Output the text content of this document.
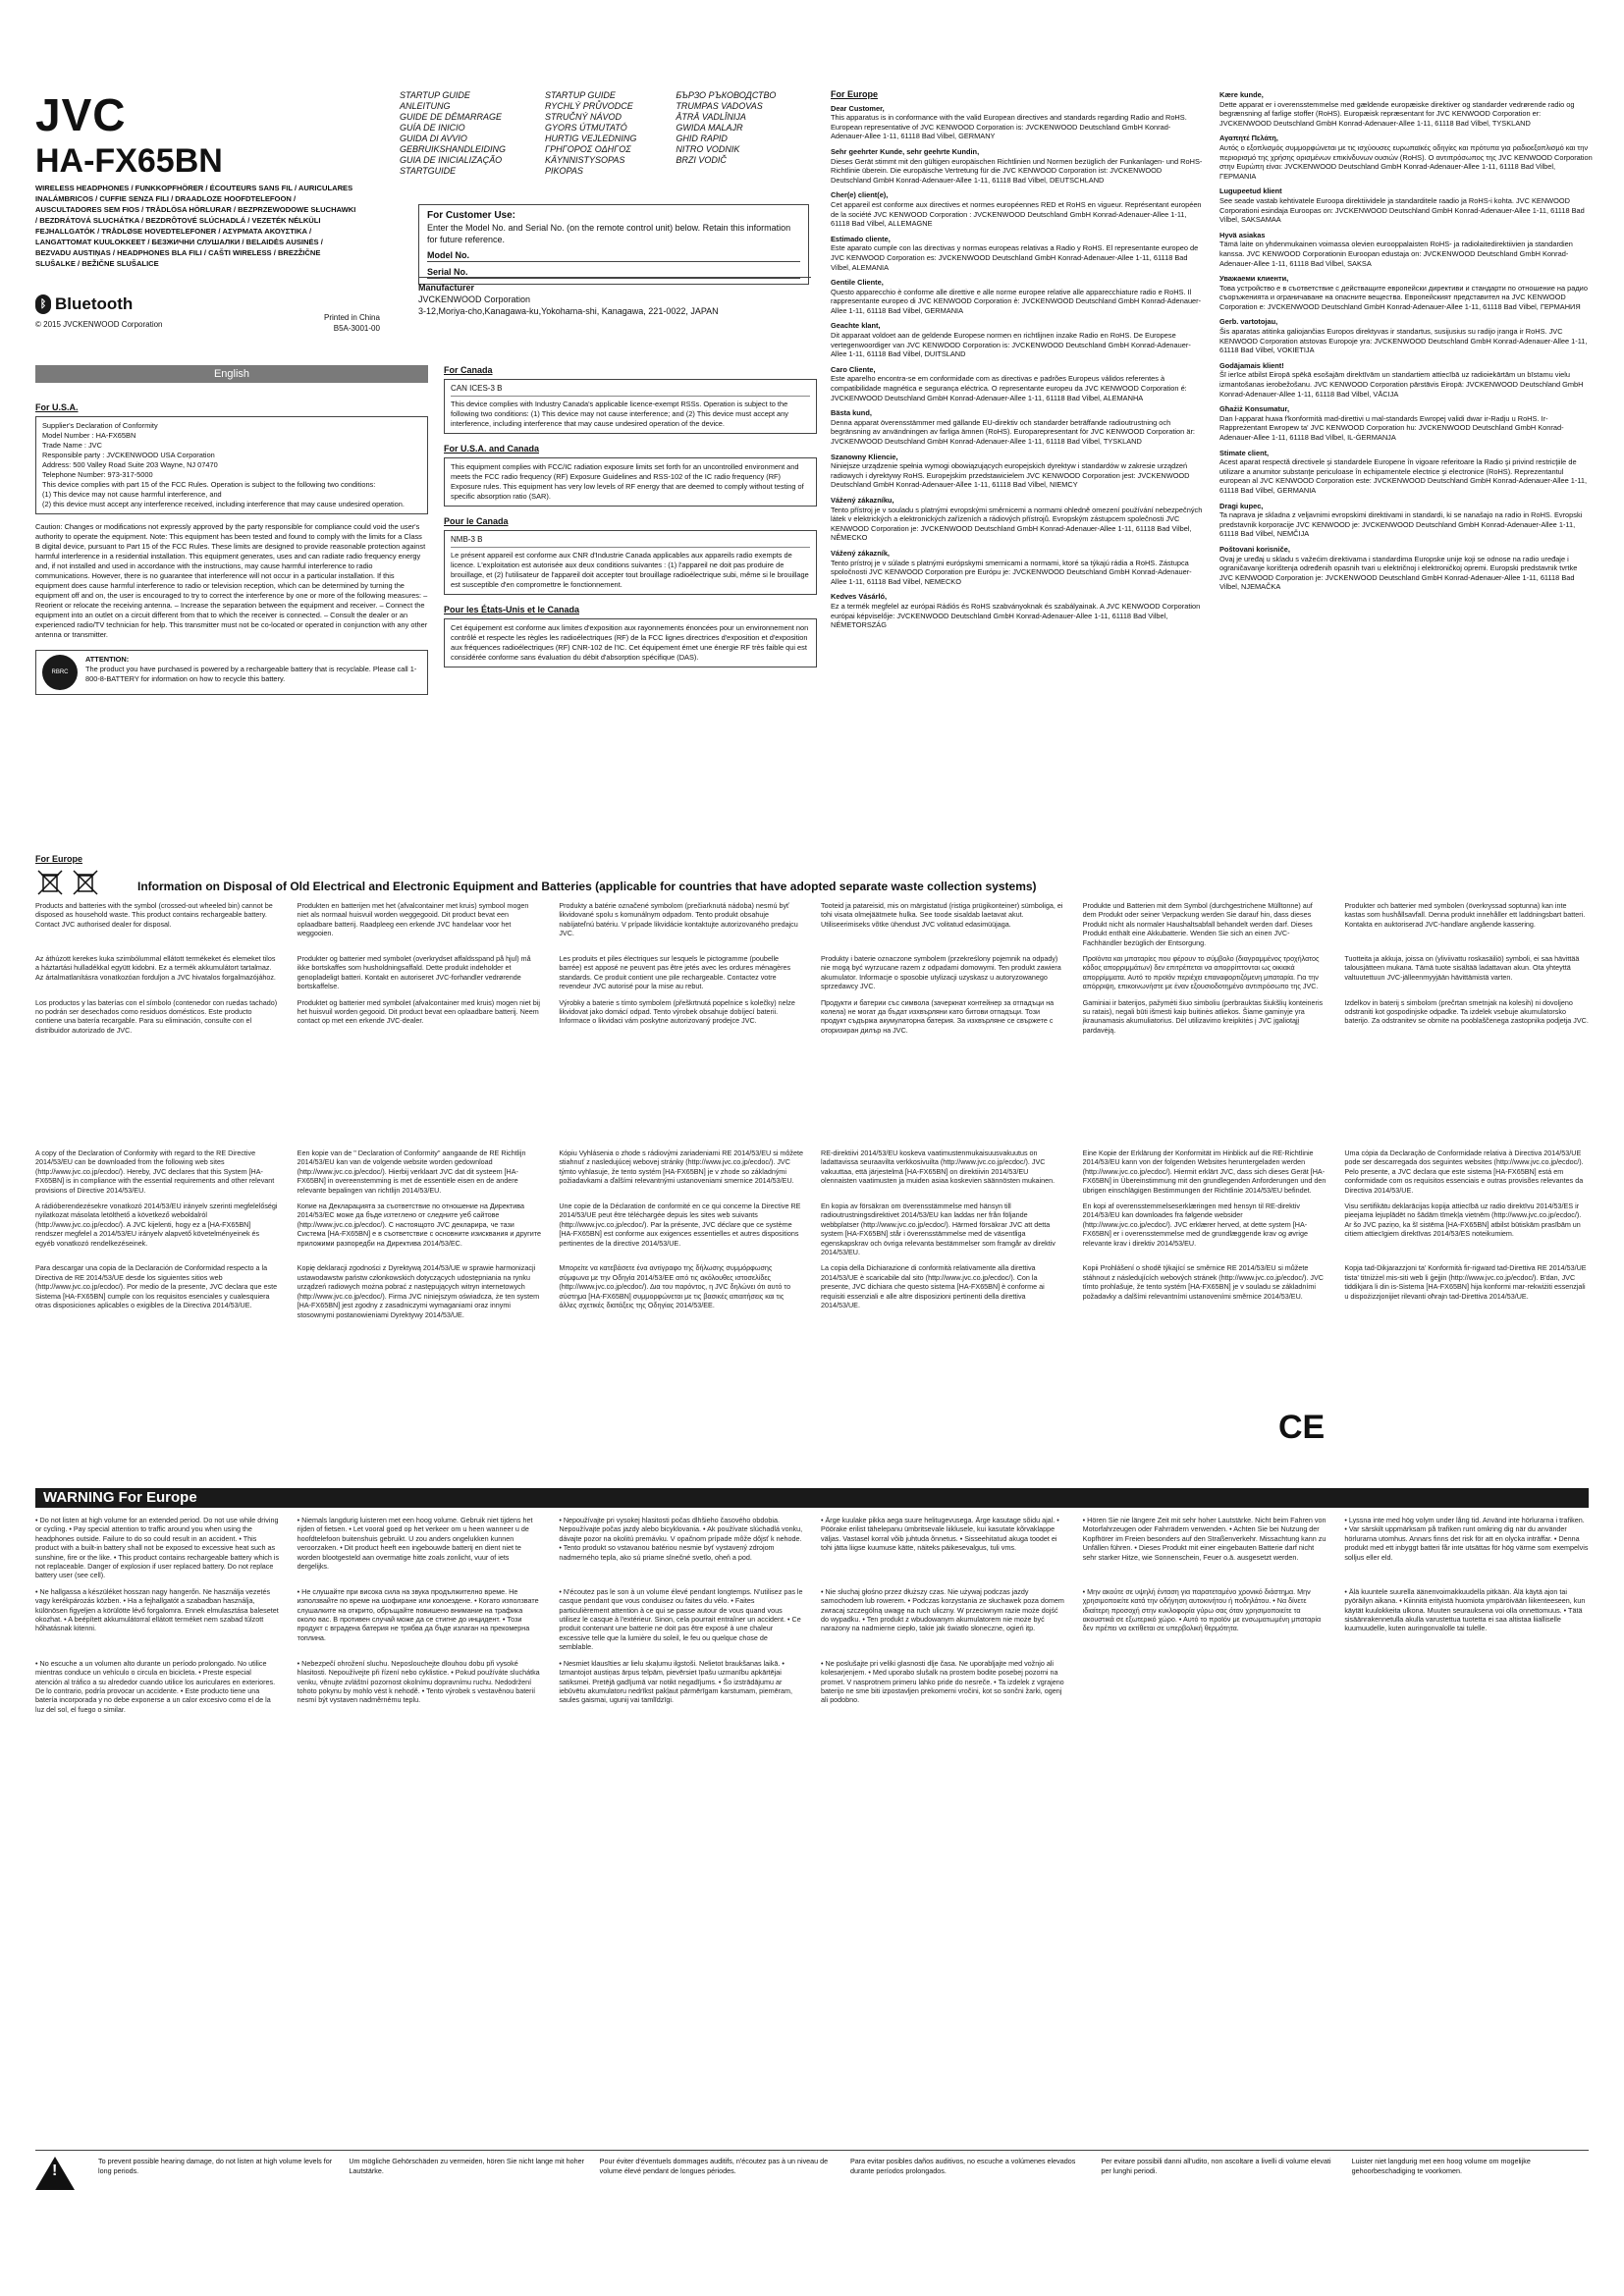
JVC
HA-FX65BN
WIRELESS HEADPHONES / FUNKKOPFHÖRER / ÉCOUTEURS SANS FIL / AURICULARES INALÁMBRICOS / CUFFIE SENZA FILI / DRAADLOZE HOOFDTELEFOON / AUSCULTADORES SEM FIOS / TRÅDLÖSA HÖRLURAR / BEZPRZEWODOWE SŁUCHAWKI / BEZDRÁTOVÁ SLUCHÁTKA / BEZDRÔTOVÉ SLÚCHADLÁ / VEZETÉK NÉLKÜLI FEJHALLGATÓK / TRÅDLØSE HOVEDTELEFONER / ΑΣΥΡΜΑΤΑ ΑΚΟΥΣΤΙΚΑ / LANGATTOMAT KUULOKKEET / БЕЗЖИЧНИ СЛУШАЛКИ / BELAIDĖS AUSINĖS / BEZVADU AUSTIŅAS / HEADPHONES BLA FILI / CAŠTI WIRELESS / BREZŽIČNE SLUŠALKE / BEŽIČNE SLUŠALICE
ᛒ Bluetooth
© 2015 JVCKENWOOD Corporation
Printed in China
B5A-3001-00
STARTUP GUIDE
ANLEITUNG
GUIDE DE DÉMARRAGE
GUÍA DE INICIO
GUIDA DI AVVIO
GEBRUIKSHANDLEIDING
GUIA DE INICIALIZAÇÃO
STARTGUIDE
STARTUP GUIDE
RYCHLÝ PRŮVODCE
STRUČNÝ NÁVOD
GYORS ÚTMUTATÓ
HURTIG VEJLEDNING
ΓΡΗΓΟΡΟΣ ΟΔΗΓΟΣ
KÄYNNISTYSOPAS
PIKOPAS
БЪРЗО РЪКОВОДСТВО
TRUMPAS VADOVAS
ĀTRĀ VADLĪNIJA
GWIDA MALAJR
GHID RAPID
NITRO VODNIK
BRZI VODIČ
For Customer Use:
Enter the Model No. and Serial No. (on the remote control unit) below. Retain this information for future reference.
Model No.
Serial No.
Manufacturer
JVCKENWOOD Corporation
3-12,Moriya-cho,Kanagawa-ku,Yokohama-shi, Kanagawa, 221-0022, JAPAN
English
For U.S.A.
Supplier's Declaration of Conformity
Model Number : HA-FX65BN
Trade Name : JVC
Responsible party : JVCKENWOOD USA Corporation
Address: 500 Valley Road Suite 203 Wayne, NJ 07470
Telephone Number: 973-317-5000
This device complies with part 15 of the FCC Rules. Operation is subject to the following two conditions:
(1) This device may not cause harmful interference, and
(2) this device must accept any interference received, including interference that may cause undesired operation.
Caution: Changes or modifications not expressly approved by the party responsible for compliance could void the user's authority to operate the equipment. Note: This equipment has been tested and found to comply with the limits for a Class B digital device, pursuant to Part 15 of the FCC Rules. These limits are designed to provide reasonable protection against harmful interference in a residential installation. This equipment generates, uses and can radiate radio frequency energy and, if not installed and used in accordance with the instructions, may cause harmful interference to radio communications. However, there is no guarantee that interference will not occur in a particular installation. If this equipment does cause harmful interference to radio or television reception, which can be determined by turning the equipment off and on, the user is encouraged to try to correct the interference by one or more of the following measures: – Reorient or relocate the receiving antenna. – Increase the separation between the equipment and receiver. – Connect the equipment into an outlet on a circuit different from that to which the receiver is connected. – Consult the dealer or an experienced radio/TV technician for help. This transmitter must not be co-located or operated in conjunction with any other antenna or transmitter.
RBRC
ATTENTION:
The product you have purchased is powered by a rechargeable battery that is recyclable. Please call 1-800-8-BATTERY for information on how to recycle this battery.
For Canada
CAN ICES-3 B
This device complies with Industry Canada's applicable licence-exempt RSSs. Operation is subject to the following two conditions: (1) This device may not cause interference; and (2) This device must accept any interference, including interference that may cause undesired operation of the device.
For U.S.A. and Canada
This equipment complies with FCC/IC radiation exposure limits set forth for an uncontrolled environment and meets the FCC radio frequency (RF) Exposure Guidelines and RSS-102 of the IC radio frequency (RF) Exposure rules. This equipment has very low levels of RF energy that are deemed to comply without testing of specific absorption ratio (SAR).
Pour le Canada
NMB-3 B
Le présent appareil est conforme aux CNR d'Industrie Canada applicables aux appareils radio exempts de licence. L'exploitation est autorisée aux deux conditions suivantes : (1) l'appareil ne doit pas produire de brouillage, et (2) l'utilisateur de l'appareil doit accepter tout brouillage radioélectrique subi, même si le brouillage est susceptible d'en compromettre le fonctionnement.
Pour les États-Unis et le Canada
Cet équipement est conforme aux limites d'exposition aux rayonnements énoncées pour un environnement non contrôlé et respecte les règles les radioélectriques (RF) de la FCC lignes directrices d'exposition et d'exposition aux fréquences radioélectriques (RF) CNR-102 de l'IC. Cet équipement émet une énergie RF très faible qui est considérée conforme sans évaluation du débit d'absorption spécifique (DAS).
For Europe
Dear Customer,
This apparatus is in conformance with the valid European directives and standards regarding Radio and RoHS. European representative of JVC KENWOOD Corporation is: JVCKENWOOD Deutschland GmbH Konrad-Adenauer-Allee 1-11, 61118 Bad Vilbel, GERMANY
Sehr geehrter Kunde, sehr geehrte Kundin,
Dieses Gerät stimmt mit den gültigen europäischen Richtlinien und Normen bezüglich der Funkanlagen- und RoHS-Richtlinie überein. Die europäische Vertretung für die JVC KENWOOD Corporation ist: JVCKENWOOD Deutschland GmbH Konrad-Adenauer-Allee 1-11, 61118 Bad Vilbel, DEUTSCHLAND
Cher(e) client(e),
Cet appareil est conforme aux directives et normes européennes RED et RoHS en vigueur. Représentant européen de la société JVC KENWOOD Corporation : JVCKENWOOD Deutschland GmbH Konrad-Adenauer-Allee 1-11, 61118 Bad Vilbel, ALLEMAGNE
Estimado cliente,
Este aparato cumple con las directivas y normas europeas relativas a Radio y RoHS. El representante europeo de JVC KENWOOD Corporation es: JVCKENWOOD Deutschland GmbH Konrad-Adenauer-Allee 1-11, 61118 Bad Vilbel, ALEMANIA
Gentile Cliente,
Questo apparecchio è conforme alle direttive e alle norme europee relative alle apparecchiature radio e RoHS. Il rappresentante europeo di JVC KENWOOD Corporation è: JVCKENWOOD Deutschland GmbH Konrad-Adenauer-Allee 1-11, 61118 Bad Vilbel, GERMANIA
Geachte klant,
Dit apparaat voldoet aan de geldende Europese normen en richtlijnen inzake Radio en RoHS. De Europese vertegenwoordiger van JVC KENWOOD Corporation is: JVCKENWOOD Deutschland GmbH Konrad-Adenauer-Allee 1-11, 61118 Bad Vilbel, DUITSLAND
Caro Cliente,
Este aparelho encontra-se em conformidade com as directivas e padrões Europeus válidos referentes à compatibilidade magnética e segurança eléctrica. O representante europeu da JVC KENWOOD Corporation é: JVCKENWOOD Deutschland GmbH Konrad-Adenauer-Allee 1-11, 61118 Bad Vilbel, ALEMANHA
Bästa kund,
Denna apparat överensstämmer med gällande EU-direktiv och standarder beträffande radioutrustning och begränsning av användningen av farliga ämnen (RoHS). Europarepresentant för JVC KENWOOD Corporation är: JVCKENWOOD Deutschland GmbH Konrad-Adenauer-Allee 1-11, 61118 Bad Vilbel, TYSKLAND
Szanowny Kliencie,
Niniejsze urządzenie spełnia wymogi obowiązujących europejskich dyrektyw i standardów w zakresie urządzeń radiowych i dyrektywy RoHS. Europejskim przedstawicielem JVC KENWOOD Corporation jest: JVCKENWOOD Deutschland GmbH Konrad-Adenauer-Allee 1-11, 61118 Bad Vilbel, NIEMCY
Vážený zákazníku,
Tento přístroj je v souladu s platnými evropskými směrnicemi a normami ohledně omezení používání nebezpečných látek v elektrických a elektronických zařízeních a rádiových přístrojů. Evropským zástupcem společnosti JVC KENWOOD Corporation je: JVCKENWOOD Deutschland GmbH Konrad-Adenauer-Allee 1-11, 61118 Bad Vilbel, NĚMECKO
Vážený zákazník,
Tento prístroj je v súlade s platnými európskymi smernicami a normami, ktoré sa týkajú rádia a RoHS. Zástupca spoločnosti JVC KENWOOD Corporation pre Európu je: JVCKENWOOD Deutschland GmbH Konrad-Adenauer-Allee 1-11, 61118 Bad Vilbel, NEMECKO
Kedves Vásárló,
Ez a termék megfelel az európai Rádiós és RoHS szabványoknak és szabályainak. A JVC KENWOOD Corporation európai képviselője: JVCKENWOOD Deutschland GmbH Konrad-Adenauer-Allee 1-11, 61118 Bad Vilbel, NÉMETORSZÁG
Kære kunde,
Dette apparat er i overensstemmelse med gældende europæiske direktiver og standarder vedrørende radio og begrænsning af farlige stoffer (RoHS). Europæisk repræsentant for JVC KENWOOD Corporation er: JVCKENWOOD Deutschland GmbH Konrad-Adenauer-Allee 1-11, 61118 Bad Vilbel, TYSKLAND
Αγαπητέ Πελάτη,
Αυτός ο εξοπλισμός συμμορφώνεται με τις ισχύουσες ευρωπαϊκές οδηγίες και πρότυπα για ραδιοεξοπλισμό και την περιορισμό της χρήσης ορισμένων επικίνδυνων ουσιών (RoHS). Ο αντιπρόσωπος της JVC KENWOOD Corporation στην Ευρώπη είναι: JVCKENWOOD Deutschland GmbH Konrad-Adenauer-Allee 1-11, 61118 Bad Vilbel, ΓΕΡΜΑΝΙΑ
Lugupeetud klient
See seade vastab kehtivatele Euroopa direktiividele ja standarditele raadio ja RoHS-i kohta. JVC KENWOOD Corporationi esindaja Euroopas on: JVCKENWOOD Deutschland GmbH Konrad-Adenauer-Allee 1-11, 61118 Bad Vilbel, SAKSAMAA
Hyvä asiakas
Tämä laite on yhdenmukainen voimassa olevien eurooppalaisten RoHS- ja radiolaitedirektiivien ja standardien kanssa. JVC KENWOOD Corporationin Euroopan edustaja on: JVCKENWOOD Deutschland GmbH Konrad-Adenauer-Allee 1-11, 61118 Bad Vilbel, SAKSA
Уважаеми клиенти,
Това устройство е в съответствие с действащите европейски директиви и стандарти по отношение на радио съоръженията и ограничаване на опасните вещества. Европейският представител на JVC KENWOOD Corporation е: JVCKENWOOD Deutschland GmbH Konrad-Adenauer-Allee 1-11, 61118 Bad Vilbel, ГЕРМАНИЯ
Gerb. vartotojau,
Šis aparatas atitinka galiojančias Europos direktyvas ir standartus, susijusius su radijo įranga ir RoHS. JVC KENWOOD Corporation atstovas Europoje yra: JVCKENWOOD Deutschland GmbH Konrad-Adenauer-Allee 1-11, 61118 Bad Vilbel, VOKIETIJA
Godājamais klient!
Šī ierīce atbilst Eiropā spēkā esošajām direktīvām un standartiem attiecībā uz radioiekārtām un bīstamu vielu izmantošanas ierobežošanu. JVC KENWOOD Corporation pārstāvis Eiropā: JVCKENWOOD Deutschland GmbH Konrad-Adenauer-Allee 1-11, 61118 Bad Vilbel, VĀCIJA
Għażiż Konsumatur,
Dan l-apparat huwa f'konformità mad-direttivi u mal-standards Ewropej validi dwar ir-Radju u RoHS. Ir-Rappreżentant Ewropew ta' JVC KENWOOD Corporation hu: JVCKENWOOD Deutschland GmbH Konrad-Adenauer-Allee 1-11, 61118 Bad Vilbel, IL-ĠERMANJA
Stimate client,
Acest aparat respectă directivele şi standardele Europene în vigoare referitoare la Radio şi privind restricţiile de utilizare a anumitor substanţe periculoase în echipamentele electrice şi electronice (RoHS). Reprezentantul european al JVC KENWOOD Corporation este: JVCKENWOOD Deutschland GmbH Konrad-Adenauer-Allee 1-11, 61118 Bad Vilbel, GERMANIA
Dragi kupec,
Ta naprava je skladna z veljavnimi evropskimi direktivami in standardi, ki se nanašajo na radio in RoHS. Evropski predstavnik korporacije JVC KENWOOD je: JVCKENWOOD Deutschland GmbH Konrad-Adenauer-Allee 1-11, 61118 Bad Vilbel, NEMČIJA
Poštovani korisniče,
Ovaj je uređaj u skladu s važećim direktivama i standardima Europske unije koji se odnose na radio uređaje i ograničavanje korištenja određenih opasnih tvari u električnoj i elektroničkoj opremi. Europski predstavnik tvrtke JVC KENWOOD Corporation je: JVCKENWOOD Deutschland GmbH Konrad-Adenauer-Allee 1-11, 61118 Bad Vilbel, NJEMAČKA
For Europe
Information on Disposal of Old Electrical and Electronic Equipment and Batteries (applicable for countries that have adopted separate waste collection systems)

Products and batteries with the symbol (crossed-out wheeled bin) cannot be disposed as household waste. This product contains rechargeable battery. Contact JVC authorised dealer for disposal.

Produkten en batterijen met het (afvalcontainer met kruis) symbool mogen niet als normaal huisvuil worden weggegooid. Dit product bevat een oplaadbare batterij. Raadpleeg een erkende JVC handelaar voor het weggooien.

Produkty a batérie označené symbolom (prečiarknutá nádoba) nesmú byť likvidované spolu s komunálnym odpadom. Tento produkt obsahuje nabíjateľnú batériu. V prípade likvidácie kontaktujte autorizovaného predajcu JVC.

Tooteid ja patareisid, mis on märgistatud (ristiga prügikonteiner) sümboliga, ei tohi visata olmejäätmete hulka. See toode sisaldab laetavat akut. Utiliseerimiseks võtke ühendust JVC volitatud edasimüüjaga.

Produkte und Batterien mit dem Symbol (durchgestrichene Mülltonne) auf dem Produkt oder seiner Verpackung werden Sie darauf hin, dass dieses Produkt nicht als normaler Haushaltsabfall behandelt werden darf. Dieses Produkt enthält eine Akkubatterie. Wenden Sie sich an einen JVC-Fachhändler bezüglich der Entsorgung.

Produkter och batterier med symbolen (överkryssad soptunna) kan inte kastas som hushållsavfall. Denna produkt innehåller ett laddningsbart batteri. Kontakta en auktoriserad JVC-handlare angående kassering.

Az áthúzott kerekes kuka szimbólummal ellátott termékeket és elemeket tilos a háztartási hulladékkal együtt kidobni. Ez a termék akkumulátort tartalmaz. Az ártalmatlanításra vonatkozóan forduljon a JVC hivatalos forgalmazójához.

Produkter og batterier med symbolet (overkrydset affaldsspand på hjul) må ikke bortskaffes som husholdningsaffald. Dette produkt indeholder et genopladeligt batteri. Kontakt en autoriseret JVC-forhandler vedrørende bortskaffelse.

Les produits et piles électriques sur lesquels le pictogramme (poubelle barrée) est apposé ne peuvent pas être jetés avec les ordures ménagères standards. Ce produit contient une pile rechargeable. Contactez votre revendeur JVC autorisé pour la mise au rebut.

Produkty i baterie oznaczone symbolem (przekreślony pojemnik na odpady) nie mogą być wyrzucane razem z odpadami domowymi. Ten produkt zawiera akumulator. Informacje o sposobie utylizacji uzyskasz u autoryzowanego sprzedawcy JVC.

Προϊόντα και μπαταρίες που φέρουν το σύμβολο (διαγραμμένος τροχήλατος κάδος απορριμμάτων) δεν επιτρέπεται να απορρίπτονται ως οικιακά απορρίμματα. Αυτό το προϊόν περιέχει επαναφορτιζόμενη μπαταρία. Για την απόρριψη, επικοινωνήστε με έναν εξουσιοδοτημένο αντιπρόσωπο της JVC.

Tuotteita ja akkuja, joissa on (yliviivattu roskasäiliö) symboli, ei saa hävittää talousjätteen mukana. Tämä tuote sisältää ladattavan akun. Ota yhteyttä valtuutettuun JVC-jälleenmyyjään hävittämistä varten.

Los productos y las baterías con el símbolo (contenedor con ruedas tachado) no podrán ser desechados como residuos domésticos. Este producto contiene una batería recargable. Para su eliminación, consulte con el distribuidor autorizado de JVC.

Produktet og batterier med symbolet (afvalcontainer med kruis) mogen niet bij het huisvuil worden gegooid. Dit product bevat een oplaadbare batterij. Neem contact op met een erkende JVC-dealer.

Výrobky a baterie s tímto symbolem (přeškrtnutá popelnice s kolečky) nelze likvidovat jako domácí odpad. Tento výrobek obsahuje dobíjecí baterii. Informace o likvidaci vám poskytne autorizovaný prodejce JVC.

Продукти и батерии със символа (зачеркнат контейнер за отпадъци на колела) не могат да бъдат изхвърляни като битови отпадъци. Този продукт съдържа акумулаторна батерия. За изхвърляне се свържете с оторизиран дилър на JVC.

Gaminiai ir baterijos, pažymėti šiuo simboliu (perbrauktas šiukšlių konteineris su ratais), negali būti išmesti kaip buitinės atliekos. Šiame gaminyje yra įkraunamasis akumuliatorius. Dėl utilizavimo kreipkitės į JVC įgaliotąjį pardavėją.

Izdelkov in baterij s simbolom (prečrtan smetnjak na kolesih) ni dovoljeno odstraniti kot gospodinjske odpadke. Ta izdelek vsebuje akumulatorsko baterijo. Za odstranitev se obrnite na pooblaščenega zastopnika podjetja JVC.

A copy of the Declaration of Conformity with regard to the RE Directive 2014/53/EU can be downloaded from the following web sites (http://www.jvc.co.jp/ecdoc/). Hereby, JVC declares that this System [HA-FX65BN] is in compliance with the essential requirements and other relevant provisions of Directive 2014/53/EU.

Een kopie van de " Declaration of Conformity" aangaande de RE Richtlijn 2014/53/EU kan van de volgende website worden gedownload (http://www.jvc.co.jp/ecdoc/). Hierbij verklaart JVC dat dit systeem [HA-FX65BN] in overeenstemming is met de essentiële eisen en de andere relevante bepalingen van richtlijn 2014/53/EU.

Kópiu Vyhlásenia o zhode s rádiovými zariadeniami RE 2014/53/EU si môžete stiahnuť z nasledujúcej webovej stránky (http://www.jvc.co.jp/ecdoc/). JVC týmto vyhlasuje, že tento systém [HA-FX65BN] je v zhode so základnými požiadavkami a ďalšími relevantnými ustanoveniami smernice 2014/53/EU.

RE-direktiivi 2014/53/EU koskeva vaatimustenmukaisuusvakuutus on ladattavissa seuraavilta verkkosivuilta (http://www.jvc.co.jp/ecdoc/). JVC vakuuttaa, että järjestelmä [HA-FX65BN] on direktiivin 2014/53/EU olennaisten vaatimusten ja muiden asiaa koskevien säännösten mukainen.

Eine Kopie der Erklärung der Konformität im Hinblick auf die RE-Richtlinie 2014/53/EU kann von der folgenden Websites heruntergeladen werden (http://www.jvc.co.jp/ecdoc/). Hiermit erklärt JVC, dass sich dieses Gerät [HA-FX65BN] in Übereinstimmung mit den grundlegenden Anforderungen und den übrigen einschlägigen Bestimmungen der Richtlinie 2014/53/EU befindet.

Uma cópia da Declaração de Conformidade relativa à Directiva 2014/53/UE pode ser descarregada dos seguintes websites (http://www.jvc.co.jp/ecdoc/). Pelo presente, a JVC declara que este sistema [HA-FX65BN] está em conformidade com os requisitos essenciais e outras provisões relevantes da Directiva 2014/53/UE.

A rádióberendezésekre vonatkozó 2014/53/EU irányelv szerinti megfelelőségi nyilatkozat másolata letölthető a következő weboldalról (http://www.jvc.co.jp/ecdoc/). A JVC kijelenti, hogy ez a [HA-FX65BN] rendszer megfelel a 2014/53/EU irányelv alapvető követelményeinek és egyéb vonatkozó rendelkezéseinek.

Копие на Декларацията за съответствие по отношение на Директива 2014/53/ЕС може да бъде изтеглено от следните уеб сайтове (http://www.jvc.co.jp/ecdoc/). С настоящото JVC декларира, че тази Система [HA-FX65BN] е в съответствие с основните изисквания и другите приложими разпоредби на Директива 2014/53/ЕС.

Une copie de la Déclaration de conformité en ce qui concerne la Directive RE 2014/53/UE peut être téléchargée depuis les sites web suivants (http://www.jvc.co.jp/ecdoc/). Par la présente, JVC déclare que ce système [HA-FX65BN] est conforme aux exigences essentielles et autres dispositions pertinentes de la directive 2014/53/UE.

En kopia av försäkran om överensstämmelse med hänsyn till radioutrustningsdirektivet 2014/53/EU kan laddas ner från följande webbplatser (http://www.jvc.co.jp/ecdoc/). Härmed försäkrar JVC att detta system [HA-FX65BN] står i överensstämmelse med de väsentliga egenskapskrav och övriga relevanta bestämmelser som framgår av direktiv 2014/53/EU.

En kopi af overensstemmelseserklæringen med hensyn til RE-direktiv 2014/53/EU kan downloades fra følgende websider (http://www.jvc.co.jp/ecdoc/). JVC erklærer herved, at dette system [HA-FX65BN] er i overensstemmelse med de grundlæggende krav og øvrige relevante krav i direktiv 2014/53/EU.

Visu sertifikātu deklarācijas kopija attiecībā uz radio direktīvu 2014/53/ES ir pieejama lejuplādēt no šādām tīmekļa vietnēm (http://www.jvc.co.jp/ecdoc/). Ar šo JVC paziņo, ka šī sistēma [HA-FX65BN] atbilst būtiskām prasībām un citiem attiecīgiem direktīvas 2014/53/ES noteikumiem.

Para descargar una copia de la Declaración de Conformidad respecto a la Directiva de RE 2014/53/UE desde los siguientes sitios web (http://www.jvc.co.jp/ecdoc/). Por medio de la presente, JVC declara que este Sistema [HA-FX65BN] cumple con los requisitos esenciales y cualesquiera otras disposiciones aplicables o exigibles de la Directiva 2014/53/UE.

Kopię deklaracji zgodności z Dyrektywą 2014/53/UE w sprawie harmonizacji ustawodawstw państw członkowskich dotyczących udostępniania na rynku urządzeń radiowych można pobrać z następujących witryn internetowych (http://www.jvc.co.jp/ecdoc/). Firma JVC niniejszym oświadcza, że ten system [HA-FX65BN] jest zgodny z zasadniczymi wymaganiami oraz innymi stosownymi postanowieniami Dyrektywy 2014/53/UE.

Μπορείτε να κατεβάσετε ένα αντίγραφο της δήλωσης συμμόρφωσης σύμφωνα με την Οδηγία 2014/53/ΕΕ από τις ακόλουθες ιστοσελίδες (http://www.jvc.co.jp/ecdoc/). Δια του παρόντος, η JVC δηλώνει ότι αυτό το σύστημα [HA-FX65BN] συμμορφώνεται με τις βασικές απαιτήσεις και τις άλλες σχετικές διατάξεις της Οδηγίας 2014/53/ΕΕ.

La copia della Dichiarazione di conformità relativamente alla direttiva 2014/53/UE è scaricabile dal sito (http://www.jvc.co.jp/ecdoc/). Con la presente, JVC dichiara che questo sistema [HA-FX65BN] è conforme ai requisiti essenziali e alle altre disposizioni pertinenti della direttiva 2014/53/UE.

Kopii Prohlášení o shodě týkající se směrnice RE 2014/53/EU si můžete stáhnout z následujících webových stránek (http://www.jvc.co.jp/ecdoc/). JVC tímto prohlašuje, že tento systém [HA-FX65BN] je v souladu se základními požadavky a dalšími relevantními ustanoveními směrnice 2014/53/EU.

Kopja tad-Dikjarazzjoni ta' Konformità fir-rigward tad-Direttiva RE 2014/53/UE tista' titniżżel mis-siti web li ġejjin (http://www.jvc.co.jp/ecdoc/). B'dan, JVC tiddikjara li din is-Sistema [HA-FX65BN] hija konformi mar-rekwiżiti essenzjali u dispożizzjonijiet rilevanti oħrajn tad-Direttiva 2014/53/UE.

CE
WARNING For Europe

• Do not listen at high volume for an extended period. Do not use while driving or cycling. • Pay special attention to traffic around you when using the headphones outside. Failure to do so could result in an accident. • This product with a built-in battery shall not be exposed to excessive heat such as sunshine, fire or the like. • This product contains rechargeable battery which is not replaceable. Danger of explosion if user replaced battery. Do not replace battery user (see cell).

• Niemals langdurig luisteren met een hoog volume. Gebruik niet tijdens het rijden of fietsen. • Let vooral goed op het verkeer om u heen wanneer u de hoofdtelefoon buitenshuis gebruikt. U zou anders ongelukken kunnen veroorzaken. • Dit product heeft een ingebouwde batterij en dient niet te worden blootgesteld aan overmatige hitte zoals zonlicht, vuur of iets dergelijks.

• Nepoužívajte pri vysokej hlasitosti počas dlhšieho časového obdobia. Nepoužívajte počas jazdy alebo bicyklovania. • Ak používate slúchadlá vonku, dávajte pozor na okolitú premávku. V opačnom prípade môže dôjsť k nehode. • Tento produkt so vstavanou batériou nesmie byť vystavený zdrojom nadmerného tepla, ako sú priame slnečné svetlo, oheň a pod.

• Ärge kuulake pikka aega suure helitugevusega. Ärge kasutage sõidu ajal. • Pöörake erilist tähelepanu ümbritsevale liiklusele, kui kasutate kõrvaklappe väljas. Vastasel korral võib juhtuda õnnetus. • Sisseehitatud akuga toodet ei tohi jätta liigse kuumuse kätte, näiteks päikesevalgus, tuli vms.

• Hören Sie nie längere Zeit mit sehr hoher Lautstärke. Nicht beim Fahren von Motorfahrzeugen oder Fahrrädern verwenden. • Achten Sie bei Nutzung der Kopfhörer im Freien besonders auf den Straßenverkehr. Missachtung kann zu Unfällen führen. • Dieses Produkt mit einer eingebauten Batterie darf nicht sehr starker Hitze, wie Sonnenschein, Feuer o.ä. ausgesetzt werden.

• Lyssna inte med hög volym under lång tid. Använd inte hörlurarna i trafiken. • Var särskilt uppmärksam på trafiken runt omkring dig när du använder hörlurarna utomhus. Annars finns det risk för att en olycka inträffar. • Denna produkt med ett inbyggt batteri får inte utsättas för hög värme som exempelvis solljus eller eld.

• Ne hallgassa a készüléket hosszan nagy hangerőn. Ne használja vezetés vagy kerékpározás közben. • Ha a fejhallgatót a szabadban használja, különösen figyeljen a körülötte lévő forgalomra. Ennek elmulasztása balesetet okozhat. • A beépített akkumulátorral ellátott terméket nem szabad túlzott hőhatásnak kitenni.

• Не слушайте при висока сила на звука продължително време. Не използвайте по време на шофиране или колоездене. • Когато използвате слушалките на открито, обръщайте повишено внимание на трафика около вас. В противен случай може да се стигне до инцидент. • Този продукт с вградена батерия не трябва да бъде излаган на прекомерна топлина.

• N'écoutez pas le son à un volume élevé pendant longtemps. N'utilisez pas le casque pendant que vous conduisez ou faites du vélo. • Faites particulièrement attention à ce qui se passe autour de vous quand vous utilisez le casque à l'extérieur. Sinon, cela pourrait entraîner un accident. • Ce produit contenant une batterie ne doit pas être exposé à une chaleur excessive telle que la lumière du soleil, le feu ou quelque chose de semblable.

• Nie słuchaj głośno przez dłuższy czas. Nie używaj podczas jazdy samochodem lub rowerem. • Podczas korzystania ze słuchawek poza domem zwracaj szczególną uwagę na ruch uliczny. W przeciwnym razie może dojść do wypadku. • Ten produkt z wbudowanym akumulatorem nie może być narażony na nadmierne ciepło, takie jak światło słoneczne, ogień itp.

• Μην ακούτε σε υψηλή ένταση για παρατεταμένο χρονικό διάστημα. Μην χρησιμοποιείτε κατά την οδήγηση αυτοκινήτου ή ποδηλάτου. • Να δίνετε ιδιαίτερη προσοχή στην κυκλοφορία γύρω σας όταν χρησιμοποιείτε τα ακουστικά σε εξωτερικό χώρο. • Αυτό το προϊόν με ενσωματωμένη μπαταρία δεν πρέπει να εκτίθεται σε υπερβολική θερμότητα.

• Älä kuuntele suurella äänenvoimakkuudella pitkään. Älä käytä ajon tai pyöräilyn aikana. • Kiinnitä erityistä huomiota ympäröivään liikenteeseen, kun käytät kuulokkeita ulkona. Muuten seurauksena voi olla onnettomuus. • Tätä sisäänrakennetulla akulla varustettua tuotetta ei saa altistaa liialliselle kuumuudelle, kuten auringonvalolle tai tulelle.

• No escuche a un volumen alto durante un período prolongado. No utilice mientras conduce un vehículo o circula en bicicleta. • Preste especial atención al tráfico a su alrededor cuando utilice los auriculares en exteriores. De lo contrario, podría provocar un accidente. • Este producto tiene una batería incorporada y no debe exponerse a un calor excesivo como el de la luz del sol, el fuego o similar.

• Nebezpečí ohrožení sluchu. Neposlouchejte dlouhou dobu při vysoké hlasitosti. Nepoužívejte při řízení nebo cyklistice. • Pokud používáte sluchátka venku, věnujte zvláštní pozornost okolnímu dopravnímu ruchu. Nedodržení tohoto pokynu by mohlo vést k nehodě. • Tento výrobek s vestavěnou baterií nesmí být vystaven nadměrnému teplu.

• Nesmiet klausīties ar lielu skaļumu ilgstoši. Nelietot braukšanas laikā. • Izmantojot austiņas ārpus telpām, pievērsiet īpašu uzmanību apkārtējai satiksmei. Pretējā gadījumā var notikt negadījums. • Šo izstrādājumu ar iebūvētu akumulatoru nedrīkst pakļaut pārmērīgam karstumam, piemēram, saules gaismai, ugunij vai tamlīdzīgi.

• Ne poslušajte pri veliki glasnosti dlje časa. Ne uporabljajte med vožnjo ali kolesarjenjem. • Med uporabo slušalk na prostem bodite posebej pozorni na promet. V nasprotnem primeru lahko pride do nesreče. • Ta izdelek z vgrajeno baterijo ne sme biti izpostavljen prekomerni vročini, kot so sončni žarki, ogenj ali podobno.

!
To prevent possible hearing damage, do not listen at high volume levels for long periods.
Um mögliche Gehörschäden zu vermeiden, hören Sie nicht lange mit hoher Lautstärke.
Pour éviter d'éventuels dommages auditifs, n'écoutez pas à un niveau de volume élevé pendant de longues périodes.
Para evitar posibles daños auditivos, no escuche a volúmenes elevados durante períodos prolongados.
Per evitare possibili danni all'udito, non ascoltare a livelli di volume elevati per lunghi periodi.
Luister niet langdurig met een hoog volume om mogelijke gehoorbeschadiging te voorkomen.
